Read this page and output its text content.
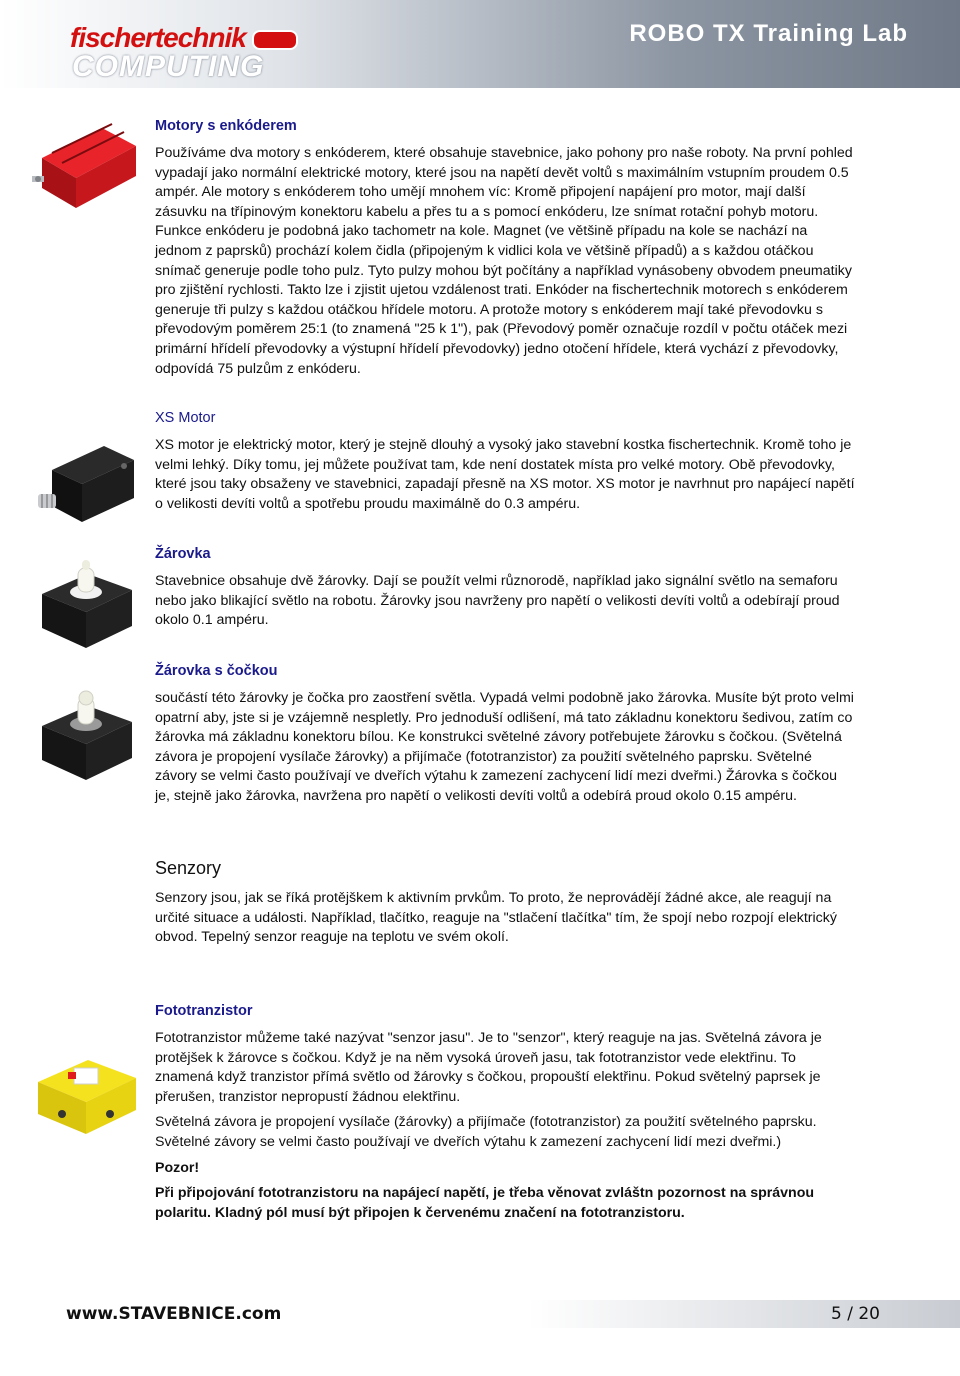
fischertechnik
COMPUTING
ROBO TX Training Lab
Motory s enkóderem

Používáme dva motory s enkóderem, které obsahuje stavebnice, jako pohony pro naše roboty. Na první pohled vypadají jako normální elektrické motory, které jsou na napětí devět voltů s maximálním vstupním proudem 0.5 ampér. Ale motory s enkóderem toho umějí mnohem víc: Kromě připojení napájení pro motor, mají další zásuvku na třípinovým konektoru kabelu a přes tu a s pomocí enkóderu, lze snímat rotační pohyb motoru. Funkce enkóderu je podobná jako tachometr na kole. Magnet (ve většině případu na kole se nachází na jednom z paprsků) prochází kolem čidla (připojeným k vidlici kola ve většině případů) a s každou otáčkou snímač generuje podle toho pulz. Tyto pulzy mohou být počítány a například vynásobeny obvodem pneumatiky pro zjištění rychlosti. Takto lze i zjistit ujetou vzdálenost trati. Enkóder na fischertechnik motorech s enkóderem generuje tři pulzy s každou otáčkou hřídele motoru. A protože motory s enkóderem mají také převodovku s převodovým poměrem 25:1 (to znamená "25 k 1"), pak (Převodový poměr označuje rozdíl v počtu otáček mezi primární hřídelí převodovky a výstupní hřídelí převodovky) jedno otočení hřídele, která vychází z převodovky, odpovídá 75 pulzům z enkóderu.

XS Motor

XS motor je elektrický motor, který je stejně dlouhý a vysoký jako stavební kostka fischertechnik. Kromě toho je velmi lehký. Díky tomu, jej můžete používat tam, kde není dostatek místa pro velké motory. Obě převodovky, které jsou taky obsaženy ve stavebnici, zapadají přesně na XS motor. XS motor je navrhnut pro napájecí napětí o velikosti devíti voltů a spotřebu proudu maximálně do 0.3 ampéru.

Žárovka

Stavebnice obsahuje dvě žárovky. Dají se použít velmi různorodě, například jako signální světlo na semaforu nebo jako blikající světlo na robotu. Žárovky jsou navrženy pro napětí o velikosti devíti voltů a odebírají proud okolo 0.1 ampéru.

Žárovka s čočkou

součástí této žárovky je čočka pro zaostření světla. Vypadá velmi podobně jako žárovka. Musíte být proto velmi opatrní aby, jste si je vzájemně nespletly. Pro jednoduší odlišení, má tato základnu konektoru šedivou, zatím co žárovka má základnu konektoru bílou. Ke konstrukci světelné závory potřebujete žárovku s čočkou. (Světelná závora je propojení vysílače žárovky) a přijímače (fototranzistor) za použití světelného paprsku. Světelné závory se velmi často používají ve dveřích výtahu k zamezení zachycení lidí mezi dveřmi.) Žárovka s čočkou je, stejně jako žárovka, navržena pro napětí o velikosti devíti voltů a odebírá proud okolo 0.15 ampéru.

Senzory

Senzory jsou, jak se říká protějškem k aktivním prvkům. To proto, že neprovádějí žádné akce, ale reagují na určité situace a události. Například, tlačítko, reaguje na "stlačení tlačítka" tím, že spojí nebo rozpojí elektrický obvod. Tepelný senzor reaguje na teplotu ve svém okolí.

Fototranzistor

Fototranzistor můžeme také nazývat "senzor jasu". Je to "senzor", který reaguje na jas. Světelná závora je protějšek k žárovce s čočkou. Když je na něm vysoká úroveň jasu, tak fototranzistor vede elektřinu. To znamená když tranzistor přímá světlo od žárovky s čočkou, propouští elektřinu. Pokud světelný paprsek je přerušen, tranzistor nepropustí žádnou elektřinu.

Světelná závora je propojení vysílače (žárovky) a přijímače (fototranzistor) za použití světelného paprsku. Světelné závory se velmi často používají ve dveřích výtahu k zamezení zachycení lidí mezi dveřmi.)

Pozor!

Při připojování fototranzistoru na napájecí napětí, je třeba věnovat zvláštn pozornost na správnou polaritu. Kladný pól musí být připojen k červenému značení na fototranzistoru.

www.STAVEBNICE.com	5 / 20
